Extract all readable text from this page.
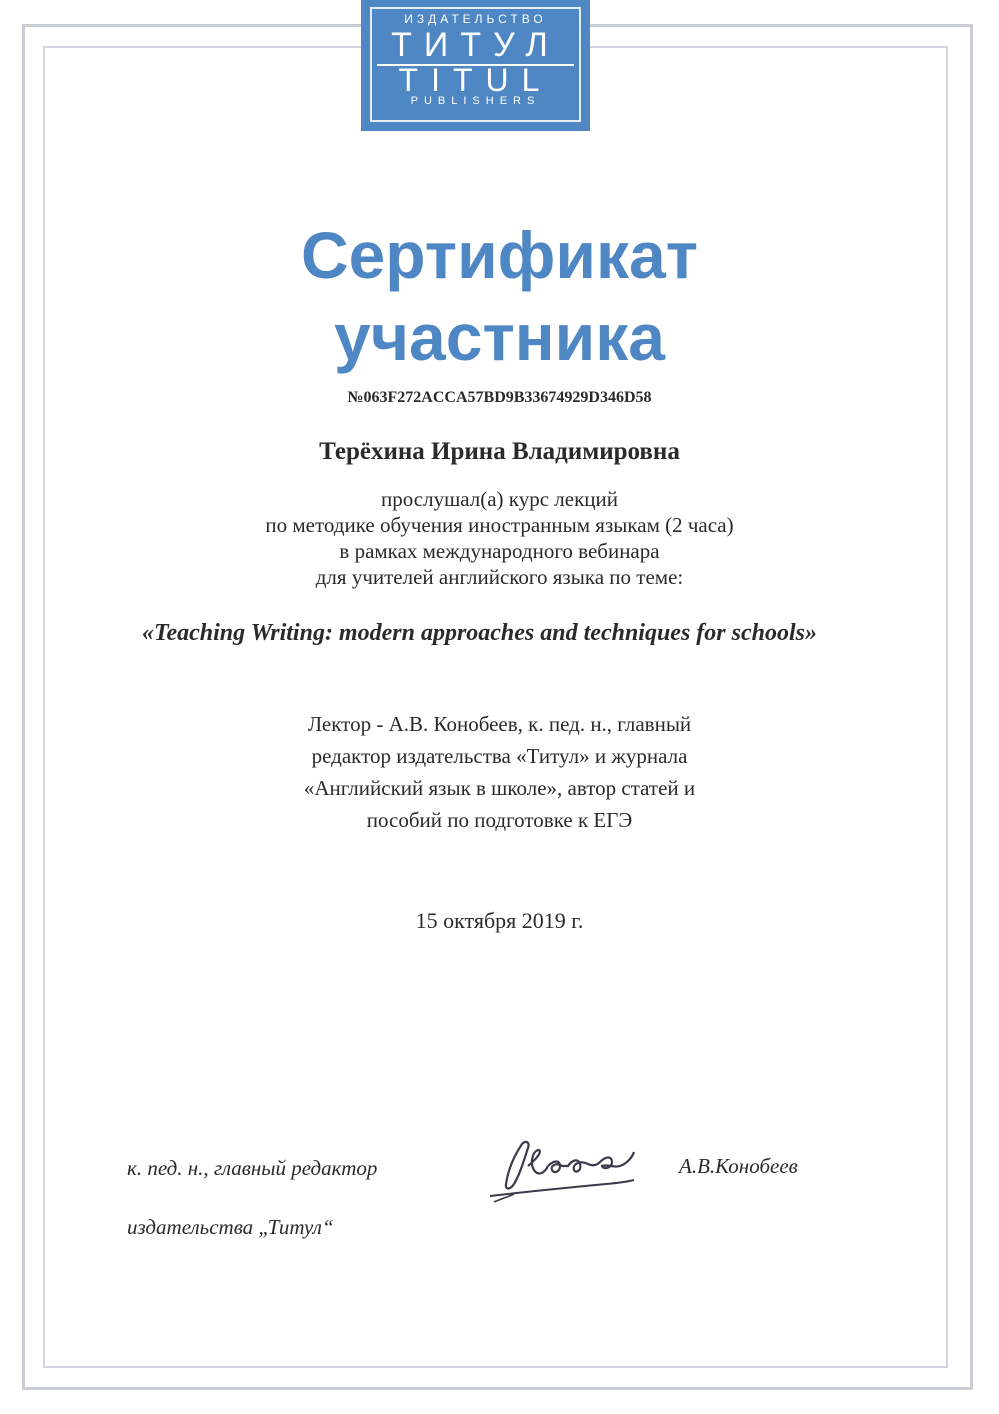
ИЗДАТЕЛЬСТВО
ТИТУЛ
TITUL
PUBLISHERS
Сертификат
участника
№063F272ACCA57BD9B33674929D346D58
Терёхина Ирина Владимировна
прослушал(а) курс лекций
по методике обучения иностранным языкам (2 часа)
в рамках международного вебинара
для учителей английского языка по теме:
«Teaching Writing: modern approaches and techniques for schools»
Лектор - А.В. Конобеев, к. пед. н., главный
редактор издательства «Титул» и журнала
«Английский язык в школе», автор статей и
пособий по подготовке к ЕГЭ
15 октября 2019 г.
к. пед. н., главный редактор
издательства „Титул“
А.В.Конобеев
